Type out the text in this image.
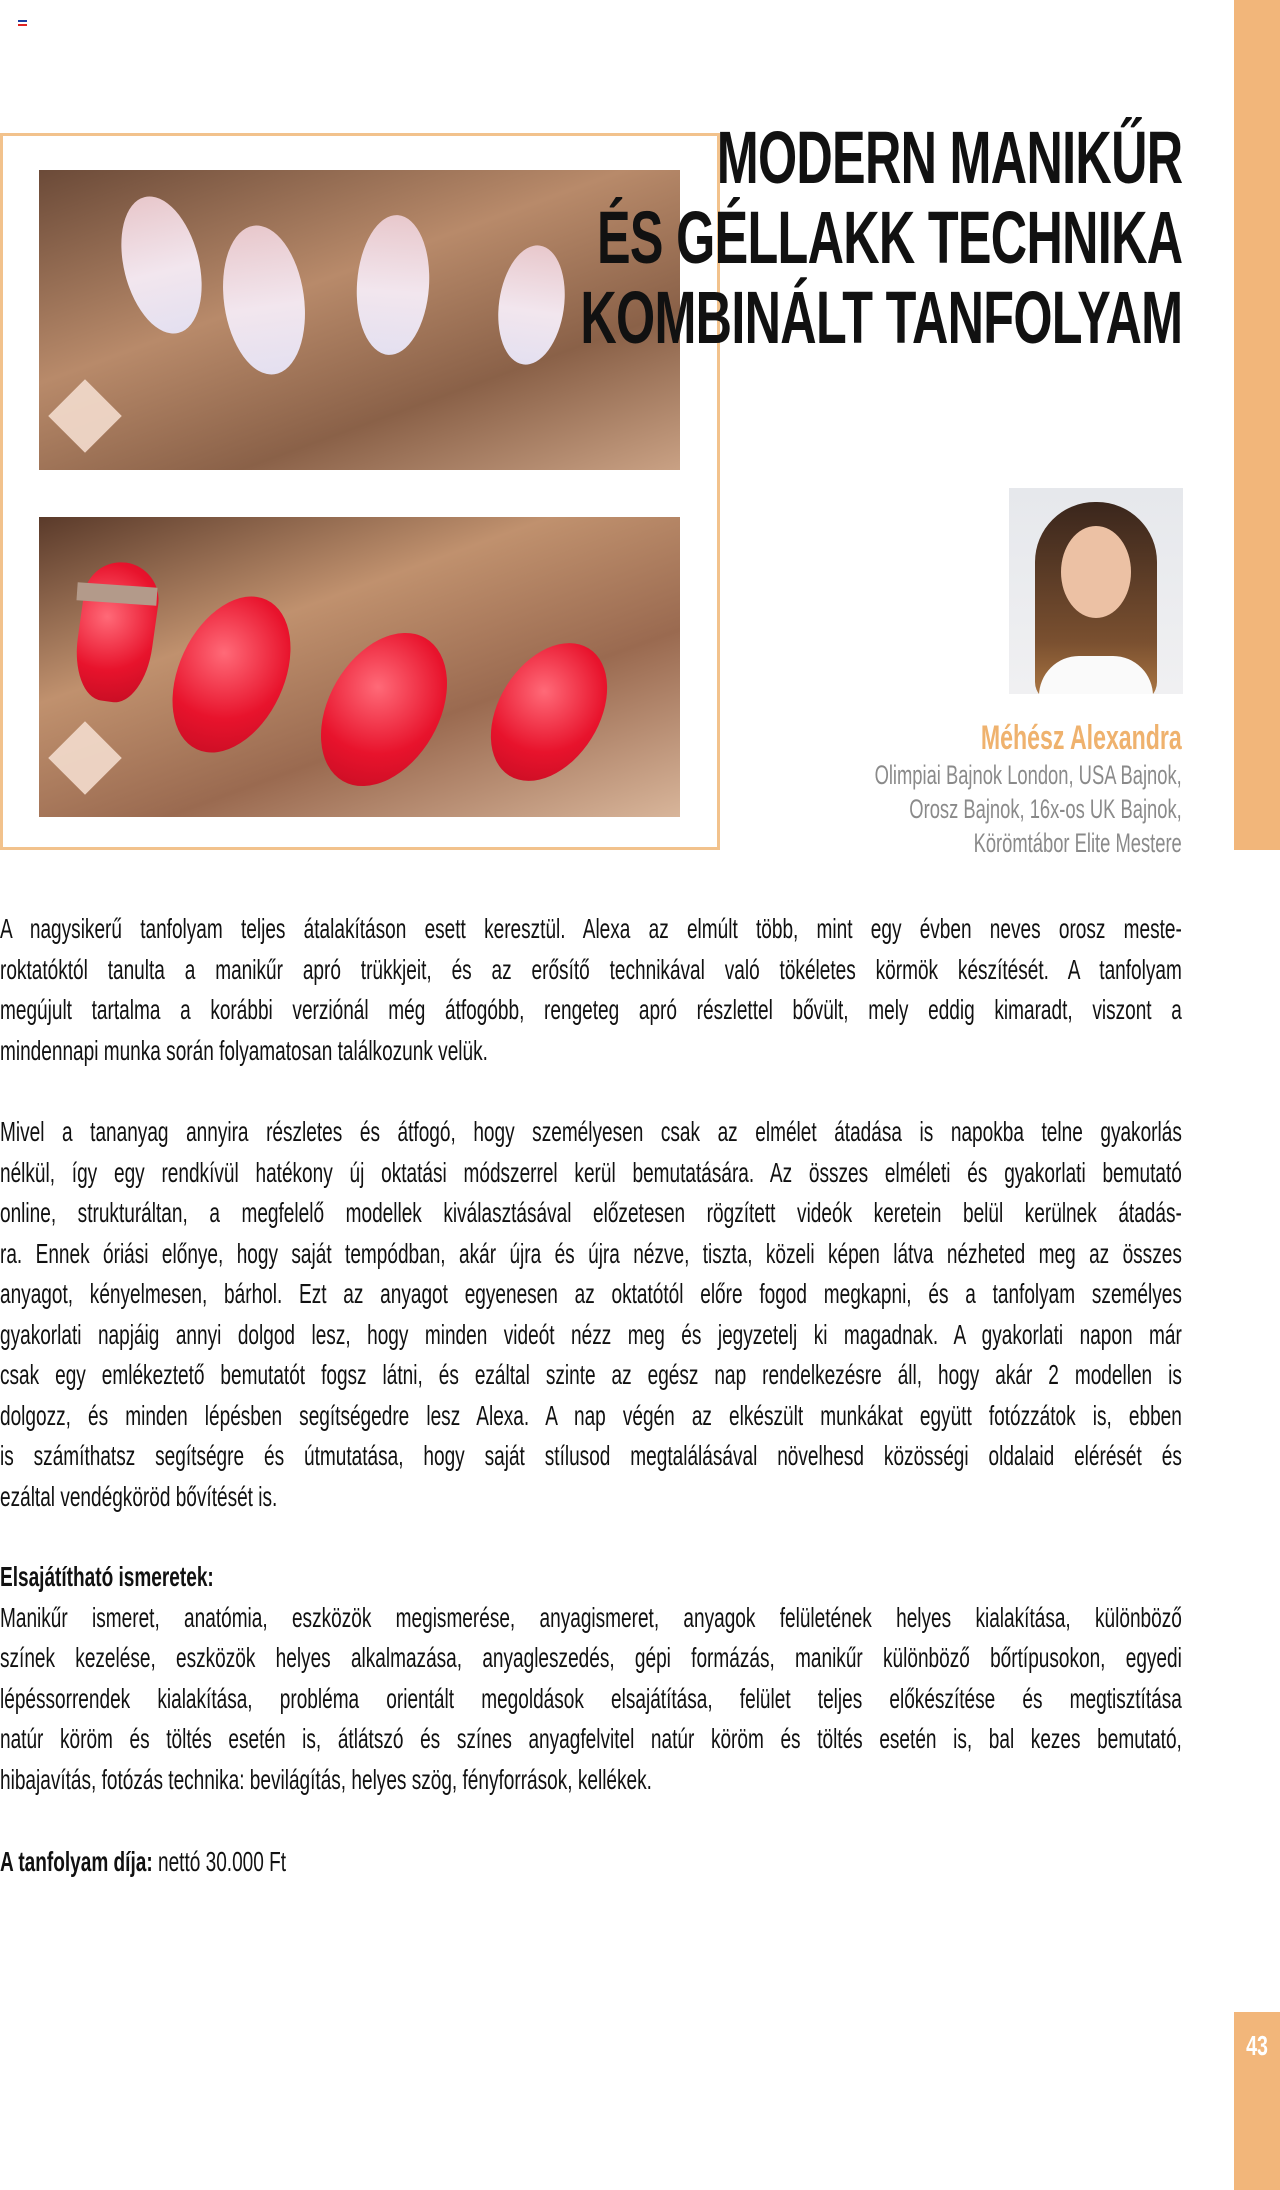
43
MODERN MANIKŰR
ÉS GÉLLAKK TECHNIKA
KOMBINÁLT TANFOLYAM
Méhész Alexandra
Olimpiai Bajnok London, USA Bajnok,
Orosz Bajnok, 16x-os UK Bajnok,
Körömtábor Elite Mestere
A nagysikerű tanfolyam teljes átalakításon esett keresztül. Alexa az elmúlt több, mint egy évben neves orosz meste-
roktatóktól tanulta a manikűr apró trükkjeit, és az erősítő technikával való tökéletes körmök készítését. A tanfolyam
megújult tartalma a korábbi verziónál még átfogóbb, rengeteg apró részlettel bővült, mely eddig kimaradt, viszont a
mindennapi munka során folyamatosan találkozunk velük.
Mivel a tananyag annyira részletes és átfogó, hogy személyesen csak az elmélet átadása is napokba telne gyakorlás
nélkül, így egy rendkívül hatékony új oktatási módszerrel kerül bemutatására. Az összes elméleti és gyakorlati bemutató
online, strukturáltan, a megfelelő modellek kiválasztásával előzetesen rögzített videók keretein belül kerülnek átadás-
ra. Ennek óriási előnye, hogy saját tempódban, akár újra és újra nézve, tiszta, közeli képen látva nézheted meg az összes
anyagot, kényelmesen, bárhol. Ezt az anyagot egyenesen az oktatótól előre fogod megkapni, és a tanfolyam személyes
gyakorlati napjáig annyi dolgod lesz, hogy minden videót nézz meg és jegyzetelj ki magadnak. A gyakorlati napon már
csak egy emlékeztető bemutatót fogsz látni, és ezáltal szinte az egész nap rendelkezésre áll, hogy akár 2 modellen is
dolgozz, és minden lépésben segítségedre lesz Alexa. A nap végén az elkészült munkákat együtt fotózzátok is, ebben
is számíthatsz segítségre és útmutatása, hogy saját stílusod megtalálásával növelhesd közösségi oldalaid elérését és
ezáltal vendégköröd bővítését is.
Elsajátítható ismeretek:
Manikűr ismeret, anatómia, eszközök megismerése, anyagismeret, anyagok felületének helyes kialakítása, különböző
színek kezelése, eszközök helyes alkalmazása, anyagleszedés, gépi formázás, manikűr különböző bőrtípusokon, egyedi
lépéssorrendek kialakítása, probléma orientált megoldások elsajátítása, felület teljes előkészítése és megtisztítása
natúr köröm és töltés esetén is, átlátszó és színes anyagfelvitel natúr köröm és töltés esetén is, bal kezes bemutató,
hibajavítás, fotózás technika: bevilágítás, helyes szög, fényforrások, kellékek.
A tanfolyam díja: nettó 30.000 Ft
